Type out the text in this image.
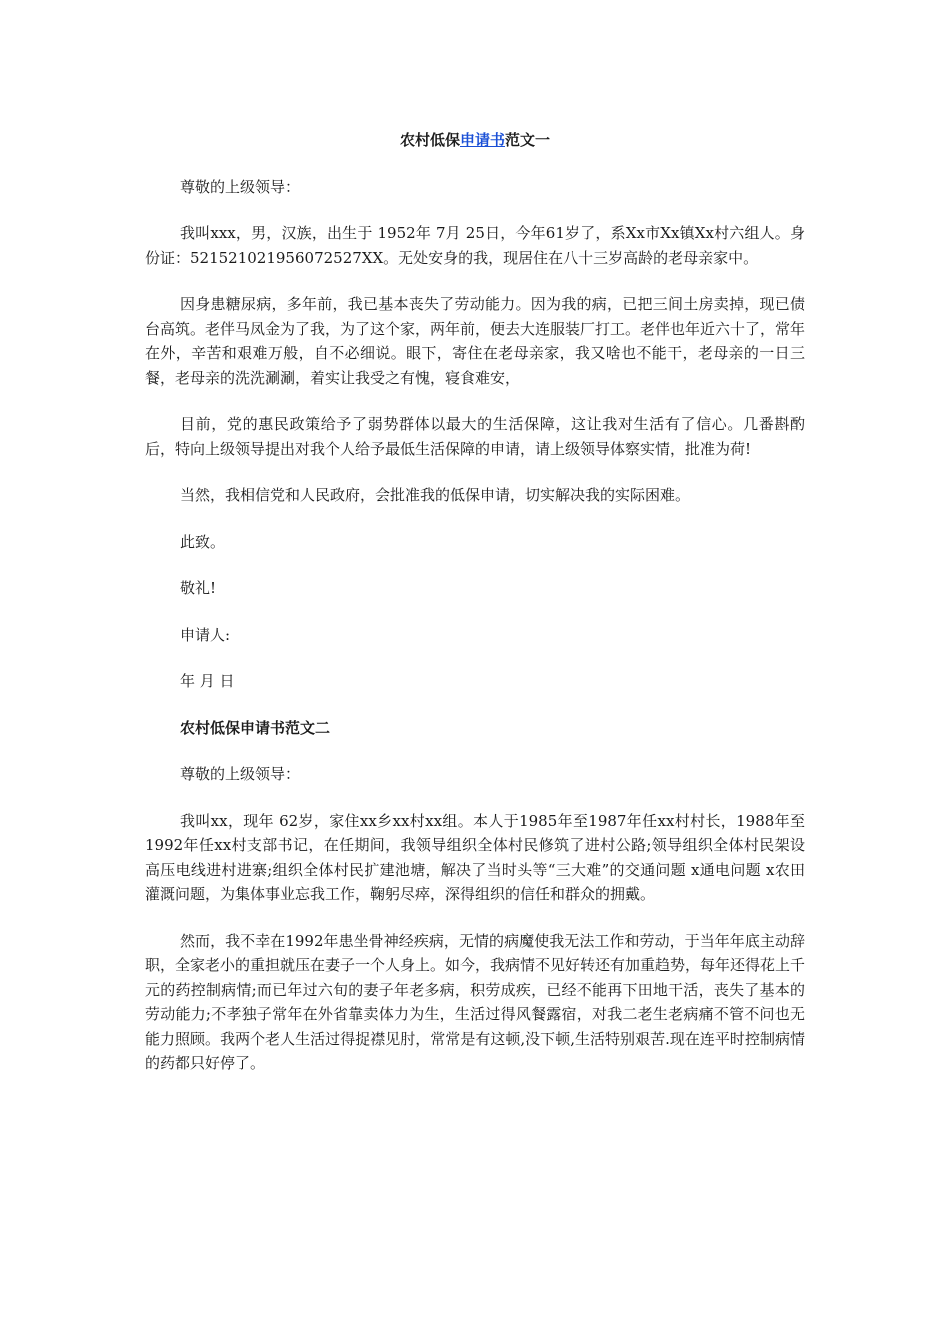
农村低保申请书范文一

尊敬的上级领导：

我叫xxx，男，汉族，出生于 1952年 7月 25日，今年61岁了，系Xx市Xx镇Xx村六组人。身份证：521521021956072527XX。无处安身的我，现居住在八十三岁高龄的老母亲家中。

因身患糖尿病，多年前，我已基本丧失了劳动能力。因为我的病，已把三间土房卖掉，现已债台高筑。老伴马凤金为了我，为了这个家，两年前，便去大连服装厂打工。老伴也年近六十了，常年在外，辛苦和艰难万般，自不必细说。眼下，寄住在老母亲家，我又啥也不能干，老母亲的一日三餐，老母亲的洗洗涮涮，着实让我受之有愧，寝食难安，

目前，党的惠民政策给予了弱势群体以最大的生活保障，这让我对生活有了信心。几番斟酌后，特向上级领导提出对我个人给予最低生活保障的申请，请上级领导体察实情，批准为荷!

当然，我相信党和人民政府，会批准我的低保申请，切实解决我的实际困难。

此致。

敬礼!

申请人:

年 月 日

农村低保申请书范文二

尊敬的上级领导：

我叫xx，现年 62岁，家住xx乡xx村xx组。本人于1985年至1987年任xx村村长，1988年至1992年任xx村支部书记，在任期间，我领导组织全体村民修筑了进村公路;领导组织全体村民架设高压电线进村进寨;组织全体村民扩建池塘，解决了当时头等“三大难”的交通问题 x通电问题 x农田灌溉问题，为集体事业忘我工作，鞠躬尽瘁，深得组织的信任和群众的拥戴。

然而，我不幸在1992年患坐骨神经疾病，无情的病魔使我无法工作和劳动，于当年年底主动辞职，全家老小的重担就压在妻子一个人身上。如今，我病情不见好转还有加重趋势，每年还得花上千元的药控制病情;而已年过六旬的妻子年老多病，积劳成疾，已经不能再下田地干活，丧失了基本的劳动能力;不孝独子常年在外省靠卖体力为生，生活过得风餐露宿，对我二老生老病痛不管不问也无能力照顾。我两个老人生活过得捉襟见肘，常常是有这顿,没下顿,生活特别艰苦.现在连平时控制病情的药都只好停了。
